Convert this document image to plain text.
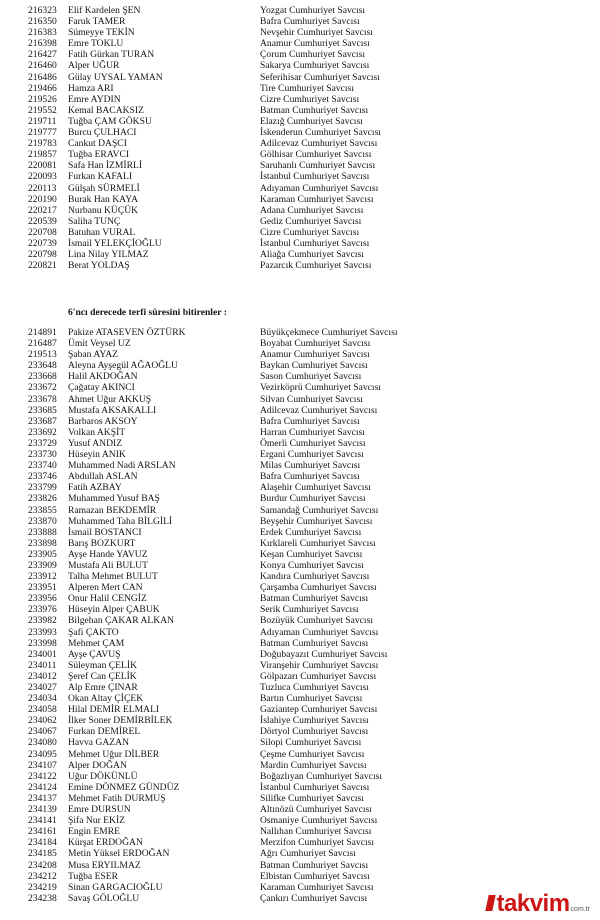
216323 Elif Kardelen ŞEN	Yozgat Cumhuriyet Savcısı
216350 Faruk TAMER	Bafra Cumhuriyet Savcısı
216383 Sümeyye TEKİN	Nevşehir Cumhuriyet Savcısı
216398 Emre TOKLU	Anamur Cumhuriyet Savcısı
216427 Fatih Gürkan TURAN	Çorum Cumhuriyet Savcısı
216460 Alper UĞUR	Sakarya Cumhuriyet Savcısı
216486 Gülay UYSAL YAMAN	Seferihisar Cumhuriyet Savcısı
219466 Hamza ARI	Tire Cumhuriyet Savcısı
219526 Emre AYDIN	Cizre Cumhuriyet Savcısı
219552 Kemal BACAKSIZ	Batman Cumhuriyet Savcısı
219711 Tuğba ÇAM GÖKSU	Elazığ Cumhuriyet Savcısı
219777 Burcu ÇULHACI	İskenderun Cumhuriyet Savcısı
219783 Cankut DAŞCI	Adilcevaz Cumhuriyet Savcısı
219857 Tuğba ERAVCI	Gölhisar Cumhuriyet Savcısı
220081 Safa Han İZMİRLİ	Saruhanlı Cumhuriyet Savcısı
220093 Furkan KAFALI	İstanbul Cumhuriyet Savcısı
220113 Gülşah SÜRMELİ	Adıyaman Cumhuriyet Savcısı
220190 Burak Han KAYA	Karaman Cumhuriyet Savcısı
220217 Nurbanu KÜÇÜK	Adana Cumhuriyet Savcısı
220539 Saliha TUNÇ	Gediz Cumhuriyet Savcısı
220708 Batuhan VURAL	Cizre Cumhuriyet Savcısı
220739 İsmail YELEKÇİOĞLU	İstanbul Cumhuriyet Savcısı
220798 Lina Nilay YILMAZ	Aliağa Cumhuriyet Savcısı
220821 Berat YOLDAŞ	Pazarcık Cumhuriyet Savcısı
6'ncı derecede terfi süresini bitirenler :
214891 Pakize ATASEVEN ÖZTÜRK	Büyükçekmece Cumhuriyet Savcısı
216487 Ümit Veysel UZ	Boyabat Cumhuriyet Savcısı
219513 Şaban AYAZ	Anamur Cumhuriyet Savcısı
233648 Aleyna Ayşegül AĞAOĞLU	Baykan Cumhuriyet Savcısı
233668 Halil AKDOĞAN	Sason Cumhuriyet Savcısı
233672 Çağatay AKINCI	Vezirköprü Cumhuriyet Savcısı
233678 Ahmet Uğur AKKUŞ	Silvan Cumhuriyet Savcısı
233685 Mustafa AKSAKALLI	Adilcevaz Cumhuriyet Savcısı
233687 Barbaros AKSOY	Bafra Cumhuriyet Savcısı
233692 Volkan AKŞİT	Harran Cumhuriyet Savcısı
233729 Yusuf ANDIZ	Ömerli Cumhuriyet Savcısı
233730 Hüseyin ANIK	Ergani Cumhuriyet Savcısı
233740 Muhammed Nadi ARSLAN	Milas Cumhuriyet Savcısı
233746 Abdullah ASLAN	Bafra Cumhuriyet Savcısı
233799 Fatih AZBAY	Alaşehir Cumhuriyet Savcısı
233826 Muhammed Yusuf BAŞ	Burdur Cumhuriyet Savcısı
233855 Ramazan BEKDEMİR	Samandağ Cumhuriyet Savcısı
233870 Muhammed Taha BİLGİLİ	Beyşehir Cumhuriyet Savcısı
233888 İsmail BOSTANCI	Erdek Cumhuriyet Savcısı
233898 Barış BOZKURT	Kırklareli Cumhuriyet Savcısı
233905 Ayşe Hande YAVUZ	Keşan Cumhuriyet Savcısı
233909 Mustafa Ali BULUT	Konya Cumhuriyet Savcısı
233912 Talha Mehmet BULUT	Kandıra Cumhuriyet Savcısı
233951 Alperen Mert CAN	Çarşamba Cumhuriyet Savcısı
233956 Onur Halil CENGİZ	Batman Cumhuriyet Savcısı
233976 Hüseyin Alper ÇABUK	Serik Cumhuriyet Savcısı
233982 Bilgehan ÇAKAR ALKAN	Bozüyük Cumhuriyet Savcısı
233993 Şafi ÇAKTO	Adıyaman Cumhuriyet Savcısı
233998 Mehmet ÇAM	Batman Cumhuriyet Savcısı
234001 Ayşe ÇAVUŞ	Doğubayazıt Cumhuriyet Savcısı
234011 Süleyman ÇELİK	Viranşehir Cumhuriyet Savcısı
234012 Şeref Can ÇELİK	Gölpazarı Cumhuriyet Savcısı
234027 Alp Emre ÇINAR	Tuzluca Cumhuriyet Savcısı
234034 Okan Altay ÇİÇEK	Bartın Cumhuriyet Savcısı
234058 Hilal DEMİR ELMALI	Gaziantep Cumhuriyet Savcısı
234062 İlker Soner DEMİRBİLEK	İslahiye Cumhuriyet Savcısı
234067 Furkan DEMİREL	Dörtyol Cumhuriyet Savcısı
234080 Havva GAZAN	Silopi Cumhuriyet Savcısı
234095 Mehmet Uğur DİLBER	Çeşme Cumhuriyet Savcısı
234107 Alper DOĞAN	Mardin Cumhuriyet Savcısı
234122 Uğur DÖKÜNLÜ	Boğazlıyan Cumhuriyet Savcısı
234124 Emine DÖNMEZ GÜNDÜZ	İstanbul Cumhuriyet Savcısı
234137 Mehmet Fatih DURMUŞ	Silifke Cumhuriyet Savcısı
234139 Emre DURSUN	Altınözü Cumhuriyet Savcısı
234141 Şifa Nur EKİZ	Osmaniye Cumhuriyet Savcısı
234161 Engin EMRE	Nallıhan Cumhuriyet Savcısı
234184 Kürşat ERDOĞAN	Merzifon Cumhuriyet Savcısı
234185 Metin Yüksel ERDOĞAN	Ağrı Cumhuriyet Savcısı
234208 Musa ERYILMAZ	Batman Cumhuriyet Savcısı
234212 Tuğba ESER	Elbistan Cumhuriyet Savcısı
234219 Sinan GARGACIOĞLU	Karaman Cumhuriyet Savcısı
234238 Savaş GÖLOĞLU	Çankırı Cumhuriyet Savcısı	takvim com.tr
